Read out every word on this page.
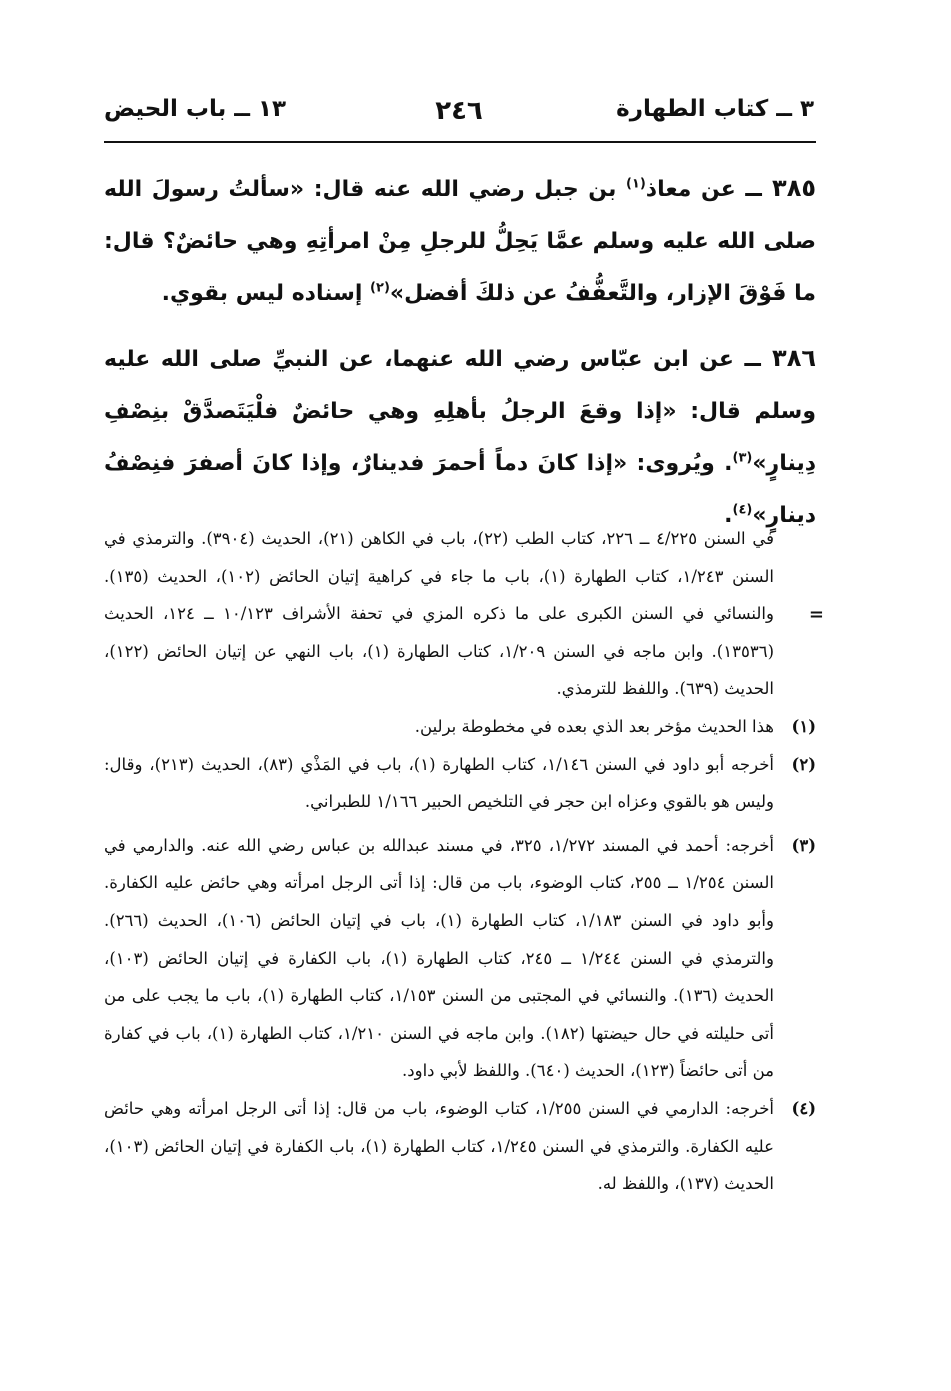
٣ ــ كتاب الطهارة
٢٤٦
١٣ ــ باب الحيض

٣٨٥ ــ عن معاذ$^{(١)}$ بن جبل رضي الله عنه قال: «سألتُ رسولَ الله صلى الله عليه وسلم عمَّا يَحِلُّ للرجلِ مِنْ امرأتِهِ وهي حائضٌ؟ قال: ما فَوْقَ الإزار، والتَّعفُّفُ عن ذلكَ أفضل»$^{(٢)}$ إسناده ليس بقوي.

٣٨٦ ــ عن ابن عبّاس رضي الله عنهما، عن النبيِّ صلى الله عليه وسلم قال: «إذا وقعَ الرجلُ بأهلِهِ وهي حائضٌ فلْيَتَصدَّقْ بنِصْفِ دِينارٍ»$^{(٣)}$. ويُروى: «إذا كانَ دماً أحمرَ فدينارٌ، وإذا كانَ أصفرَ فنِصْفُ دينارٍ»$^{(٤)}$.

=
في السنن ٤/٢٢٥ ــ ٢٢٦، كتاب الطب (٢٢)، باب في الكاهن (٢١)، الحديث (٣٩٠٤). والترمذي في السنن ١/٢٤٣، كتاب الطهارة (١)، باب ما جاء في كراهية إتيان الحائض (١٠٢)، الحديث (١٣٥). والنسائي في السنن الكبرى على ما ذكره المزي في تحفة الأشراف ١٠/١٢٣ ــ ١٢٤، الحديث (١٣٥٣٦). وابن ماجه في السنن ١/٢٠٩، كتاب الطهارة (١)، باب النهي عن إتيان الحائض (١٢٢)، الحديث (٦٣٩). واللفظ للترمذي.
(١)
هذا الحديث مؤخر بعد الذي بعده في مخطوطة برلين.
(٢)
أخرجه أبو داود في السنن ١/١٤٦، كتاب الطهارة (١)، باب في المَذْي (٨٣)، الحديث (٢١٣)، وقال: وليس هو بالقوي وعزاه ابن حجر في التلخيص الحبير ١/١٦٦ للطبراني.
(٣)
أخرجه: أحمد في المسند ١/٢٧٢، ٣٢٥، في مسند عبدالله بن عباس رضي الله عنه. والدارمي في السنن ١/٢٥٤ ــ ٢٥٥، كتاب الوضوء، باب من قال: إذا أتى الرجل امرأته وهي حائض عليه الكفارة. وأبو داود في السنن ١/١٨٣، كتاب الطهارة (١)، باب في إتيان الحائض (١٠٦)، الحديث (٢٦٦). والترمذي في السنن ١/٢٤٤ ــ ٢٤٥، كتاب الطهارة (١)، باب الكفارة في إتيان الحائض (١٠٣)، الحديث (١٣٦). والنسائي في المجتبى من السنن ١/١٥٣، كتاب الطهارة (١)، باب ما يجب على من أتى حليلته في حال حيضتها (١٨٢). وابن ماجه في السنن ١/٢١٠، كتاب الطهارة (١)، باب في كفارة من أتى حائضاً (١٢٣)، الحديث (٦٤٠). واللفظ لأبي داود.
(٤)
أخرجه: الدارمي في السنن ١/٢٥٥، كتاب الوضوء، باب من قال: إذا أتى الرجل امرأته وهي حائض عليه الكفارة. والترمذي في السنن ١/٢٤٥، كتاب الطهارة (١)، باب الكفارة في إتيان الحائض (١٠٣)، الحديث (١٣٧)، واللفظ له.
